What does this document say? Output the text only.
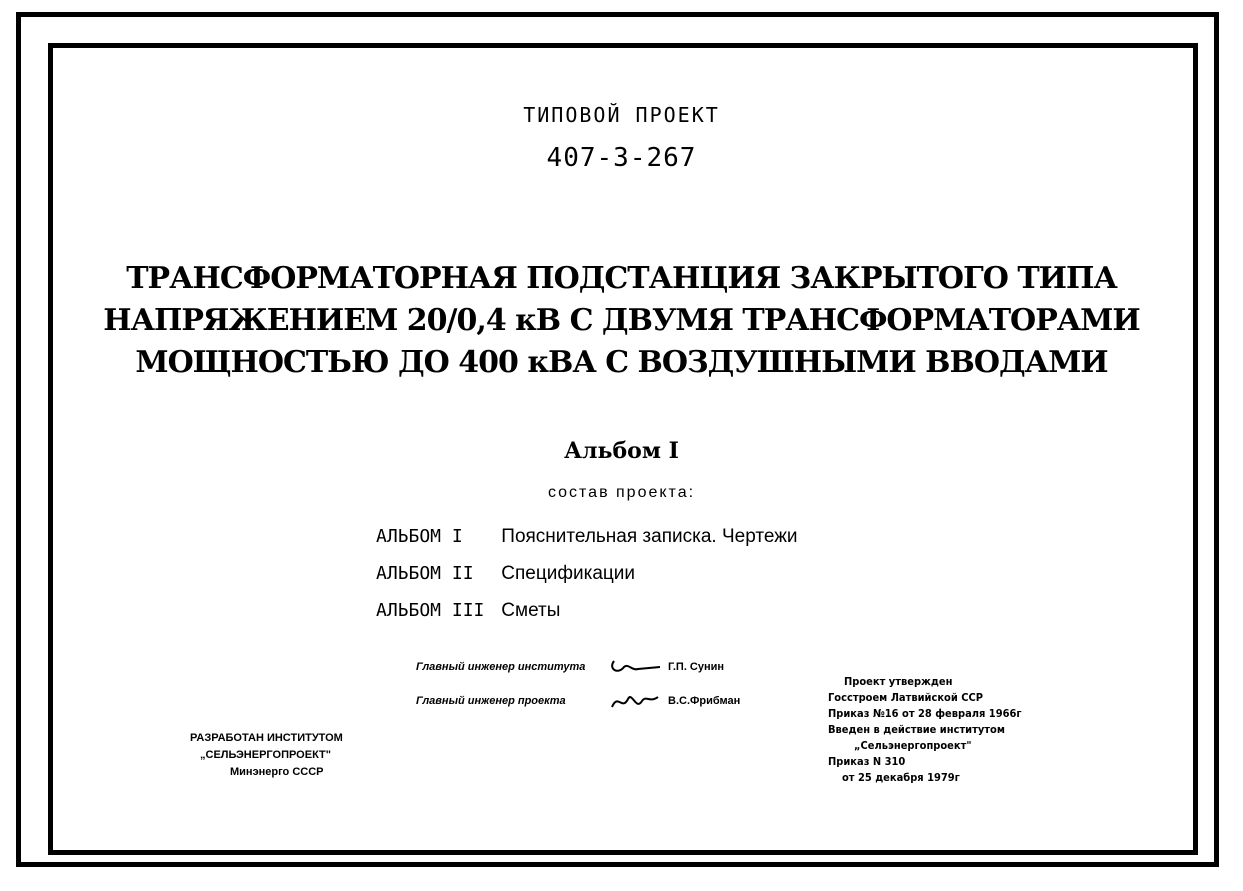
ТИПОВОЙ ПРОЕКТ
407-3-267
ТРАНСФОРМАТОРНАЯ ПОДСТАНЦИЯ ЗАКРЫТОГО ТИПА
НАПРЯЖЕНИЕМ 20/0,4 кВ С ДВУМЯ ТРАНСФОРМАТОРАМИ
МОЩНОСТЬЮ ДО 400 кВА С ВОЗДУШНЫМИ ВВОДАМИ
Альбом I
состав проекта:
АЛЬБОМ I Пояснительная записка. Чертежи
АЛЬБОМ II Спецификации
АЛЬБОМ III Сметы
Главный инженер института	Г.П. Сунин
Главный инженер проекта	В.С.Фрибман
РАЗРАБОТАН ИНСТИТУТОМ
„СЕЛЬЭНЕРГОПРОЕКТ"
Минэнерго СССР
Проект утвержден
Госстроем Латвийской ССР
Приказ №16 от 28 февраля 1966г
Введен в действие институтом
„Сельэнергопроект"
Приказ N 310
от 25 декабря 1979г
